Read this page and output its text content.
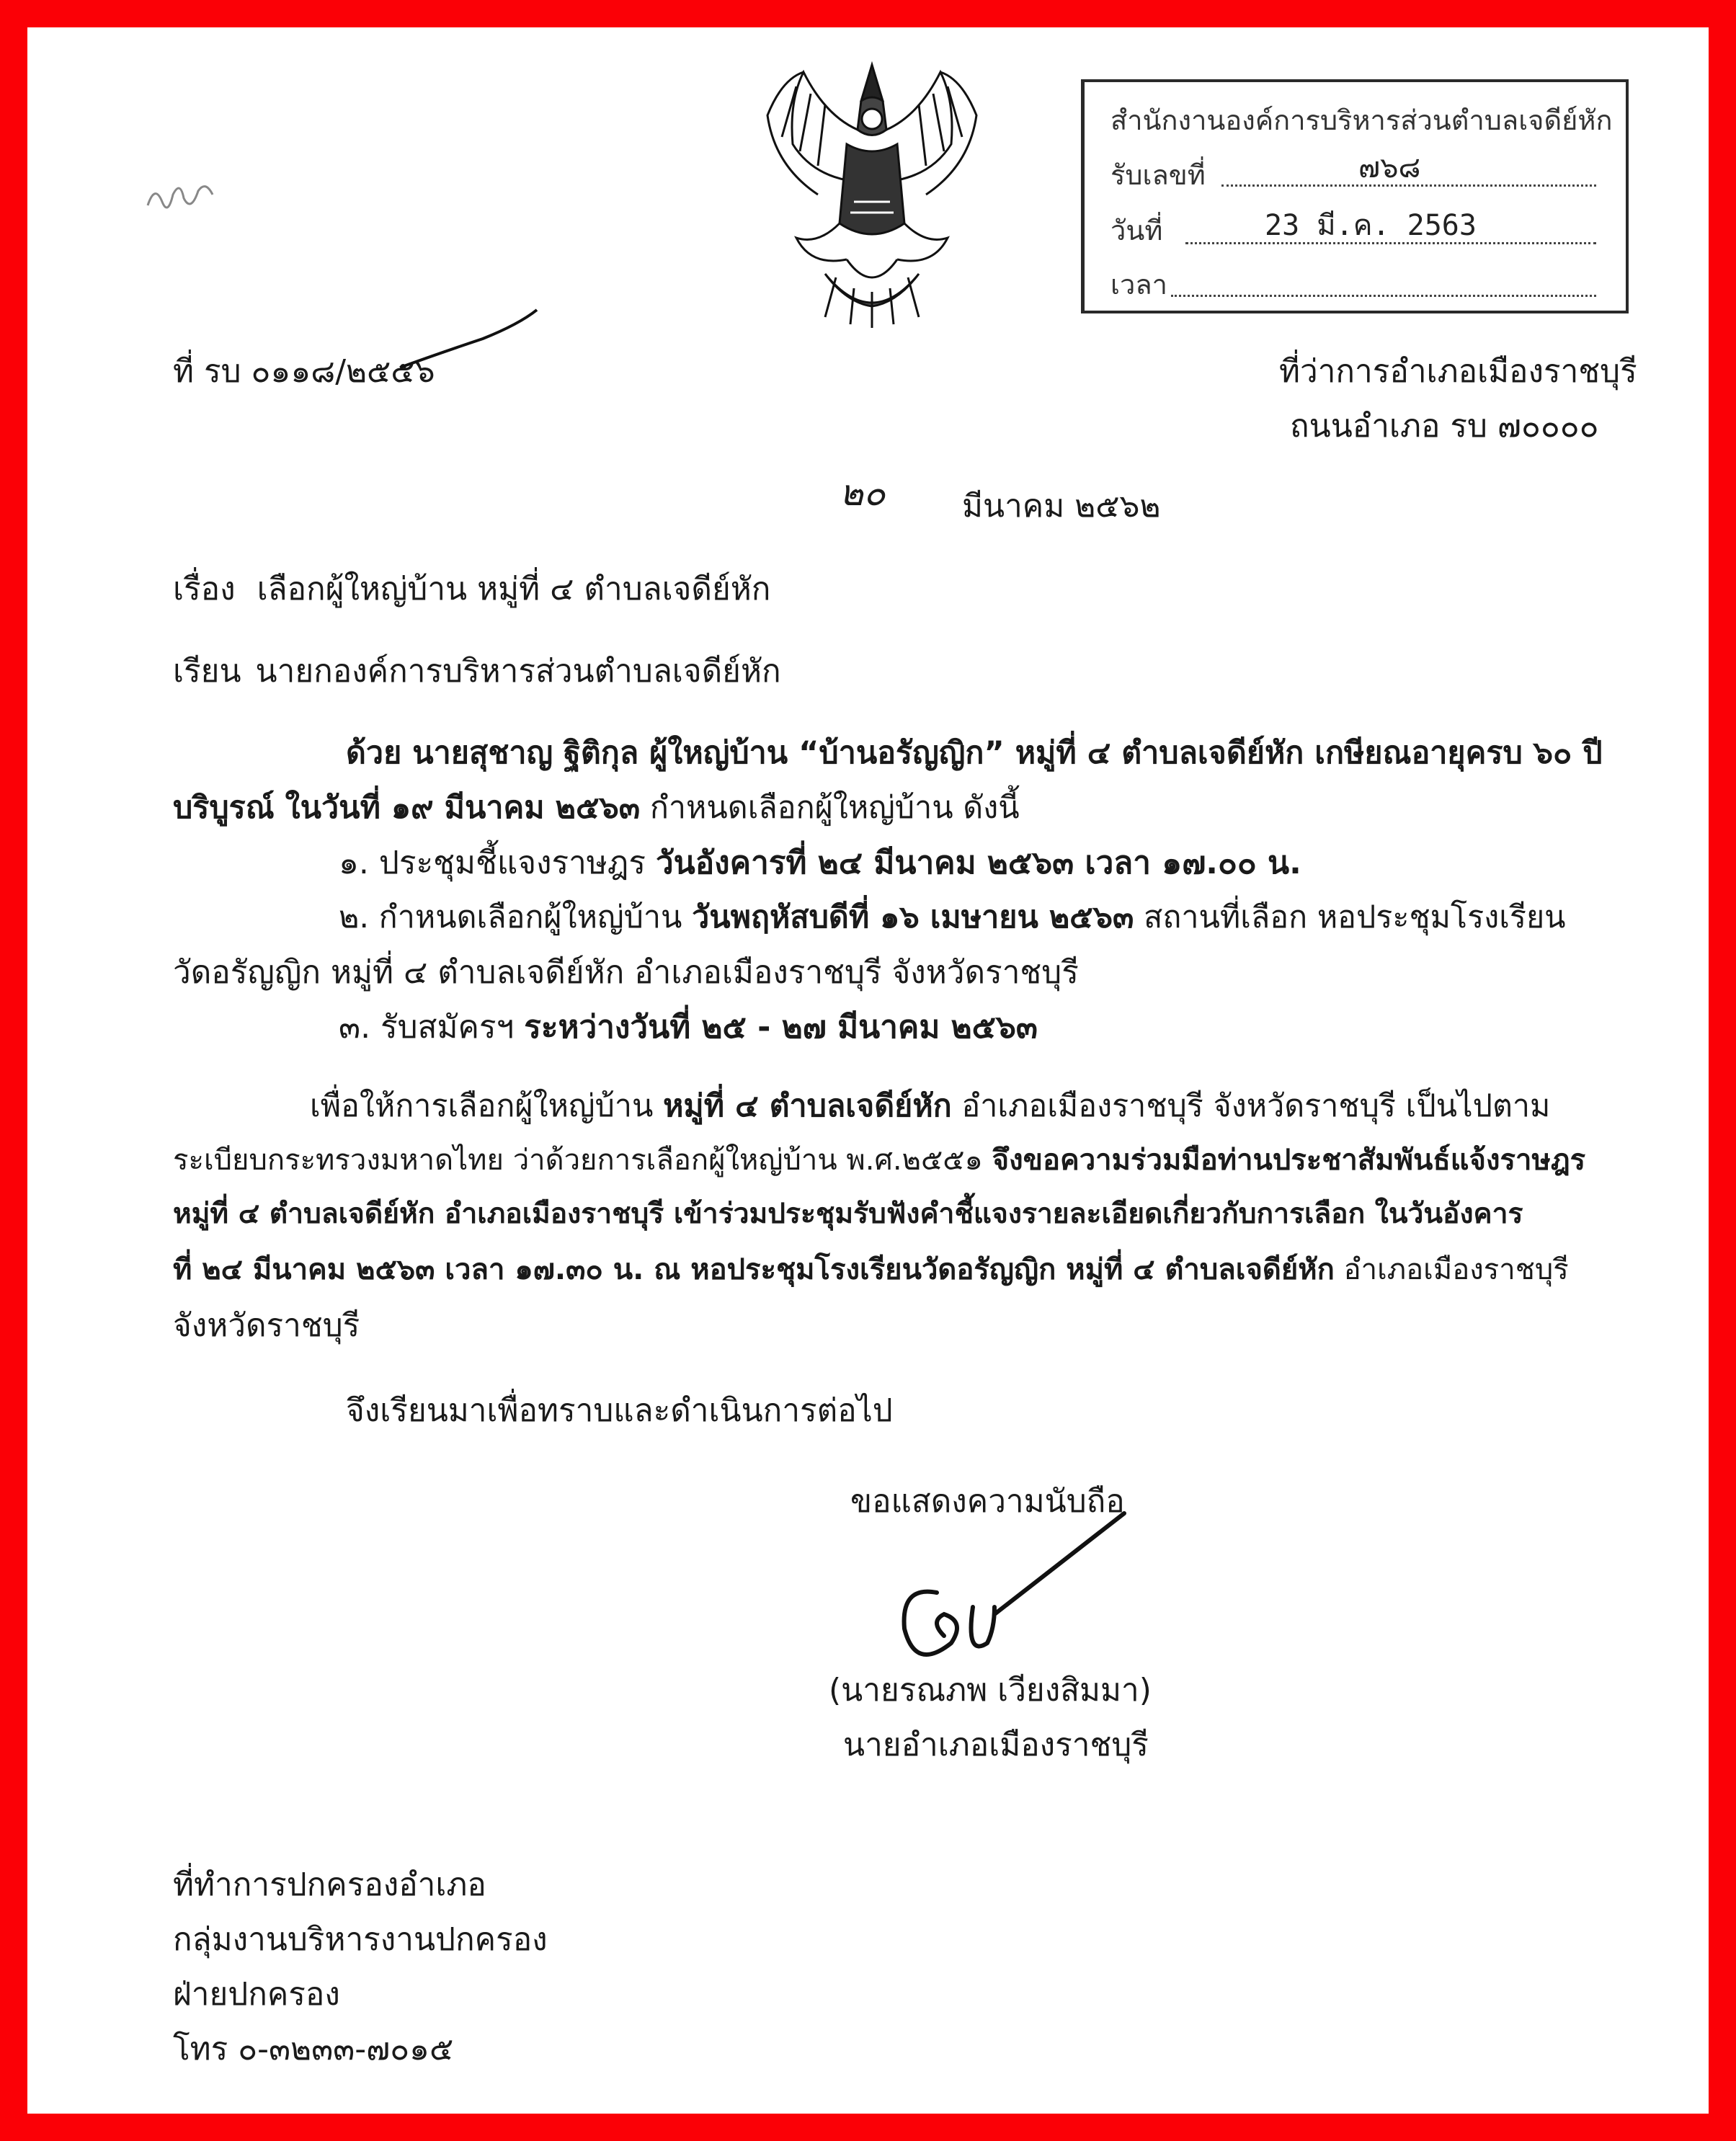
สำนักงานองค์การบริหารส่วนตำบลเจดีย์หัก
รับเลขที่	๗๖๘
วันที่	23 มี.ค. 2563
เวลา
ที่ รบ ๐๑๑๘/๒๕๕๖	ที่ว่าการอำเภอเมืองราชบุรี
ถนนอำเภอ รบ ๗๐๐๐๐
๒๐ มีนาคม ๒๕๖๒
เรื่อง เลือกผู้ใหญ่บ้าน หมู่ที่ ๔ ตำบลเจดีย์หัก
เรียน นายกองค์การบริหารส่วนตำบลเจดีย์หัก
ด้วย นายสุชาญ ฐิติกุล ผู้ใหญ่บ้าน “บ้านอรัญญิก” หมู่ที่ ๔ ตำบลเจดีย์หัก เกษียณอายุครบ ๖๐ ปี
บริบูรณ์ ในวันที่ ๑๙ มีนาคม ๒๕๖๓ กำหนดเลือกผู้ใหญ่บ้าน ดังนี้
๑. ประชุมชี้แจงราษฎร วันอังคารที่ ๒๔ มีนาคม ๒๕๖๓ เวลา ๑๗.๐๐ น.
๒. กำหนดเลือกผู้ใหญ่บ้าน วันพฤหัสบดีที่ ๑๖ เมษายน ๒๕๖๓ สถานที่เลือก หอประชุมโรงเรียน
วัดอรัญญิก หมู่ที่ ๔ ตำบลเจดีย์หัก อำเภอเมืองราชบุรี จังหวัดราชบุรี
๓. รับสมัครฯ ระหว่างวันที่ ๒๕ - ๒๗ มีนาคม ๒๕๖๓
เพื่อให้การเลือกผู้ใหญ่บ้าน หมู่ที่ ๔ ตำบลเจดีย์หัก อำเภอเมืองราชบุรี จังหวัดราชบุรี เป็นไปตาม
ระเบียบกระทรวงมหาดไทย ว่าด้วยการเลือกผู้ใหญ่บ้าน พ.ศ.๒๕๕๑ จึงขอความร่วมมือท่านประชาสัมพันธ์แจ้งราษฎร
หมู่ที่ ๔ ตำบลเจดีย์หัก อำเภอเมืองราชบุรี เข้าร่วมประชุมรับฟังคำชี้แจงรายละเอียดเกี่ยวกับการเลือก ในวันอังคาร
ที่ ๒๔ มีนาคม ๒๕๖๓ เวลา ๑๗.๓๐ น. ณ หอประชุมโรงเรียนวัดอรัญญิก หมู่ที่ ๔ ตำบลเจดีย์หัก อำเภอเมืองราชบุรี
จังหวัดราชบุรี
จึงเรียนมาเพื่อทราบและดำเนินการต่อไป
ขอแสดงความนับถือ
(นายรณภพ เวียงสิมมา)
นายอำเภอเมืองราชบุรี
ที่ทำการปกครองอำเภอ
กลุ่มงานบริหารงานปกครอง
ฝ่ายปกครอง
โทร ๐-๓๒๓๓-๗๐๑๕
